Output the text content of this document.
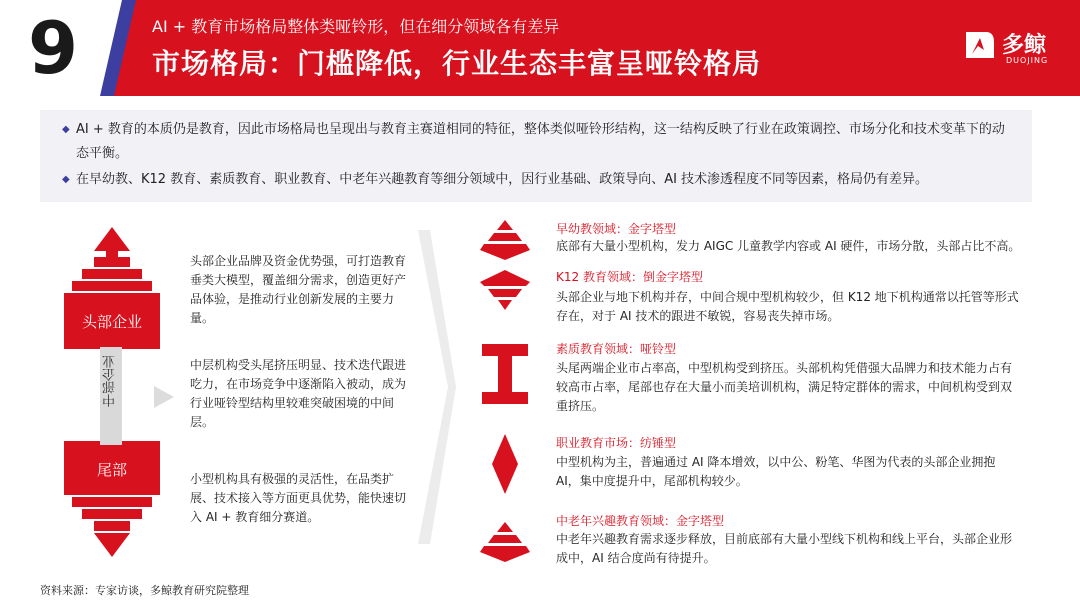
9	AI + 教育市场格局整体类哑铃形，但在细分领域各有差异
市场格局：门槛降低，行业生态丰富呈哑铃格局
多鲸
DUOJING
◆ AI + 教育的本质仍是教育，因此市场格局也呈现出与教育主赛道相同的特征，整体类似哑铃形结构，这一结构反映了行业在政策调控、市场分化和技术变革下的动态平衡。
◆ 在早幼教、K12 教育、素质教育、职业教育、中老年兴趣教育等细分领域中，因行业基础、政策导向、AI 技术渗透程度不同等因素，格局仍有差异。
头部企业
中部企业
尾部
头部企业品牌及资金优势强，可打造教育垂类大模型，覆盖细分需求，创造更好产品体验，是推动行业创新发展的主要力量。
中层机构受头尾挤压明显、技术迭代跟进吃力，在市场竞争中逐渐陷入被动，成为行业哑铃型结构里较难突破困境的中间层。
小型机构具有极强的灵活性，在品类扩展、技术接入等方面更具优势，能快速切入 AI + 教育细分赛道。
早幼教领域：金字塔型
底部有大量小型机构，发力 AIGC 儿童教学内容或 AI 硬件，市场分散，头部占比不高。
K12 教育领域：倒金字塔型
头部企业与地下机构并存，中间合规中型机构较少，但 K12 地下机构通常以托管等形式存在，对于 AI 技术的跟进不敏锐，容易丧失掉市场。
素质教育领域：哑铃型
头尾两端企业市占率高，中型机构受到挤压。头部机构凭借强大品牌力和技术能力占有较高市占率，尾部也存在大量小而美培训机构，满足特定群体的需求，中间机构受到双重挤压。
职业教育市场：纺锤型
中型机构为主，普遍通过 AI 降本增效，以中公、粉笔、华图为代表的头部企业拥抱 AI，集中度提升中，尾部机构较少。
中老年兴趣教育领域：金字塔型
中老年兴趣教育需求逐步释放，目前底部有大量小型线下机构和线上平台，头部企业形成中，AI 结合度尚有待提升。
资料来源：专家访谈，多鲸教育研究院整理
